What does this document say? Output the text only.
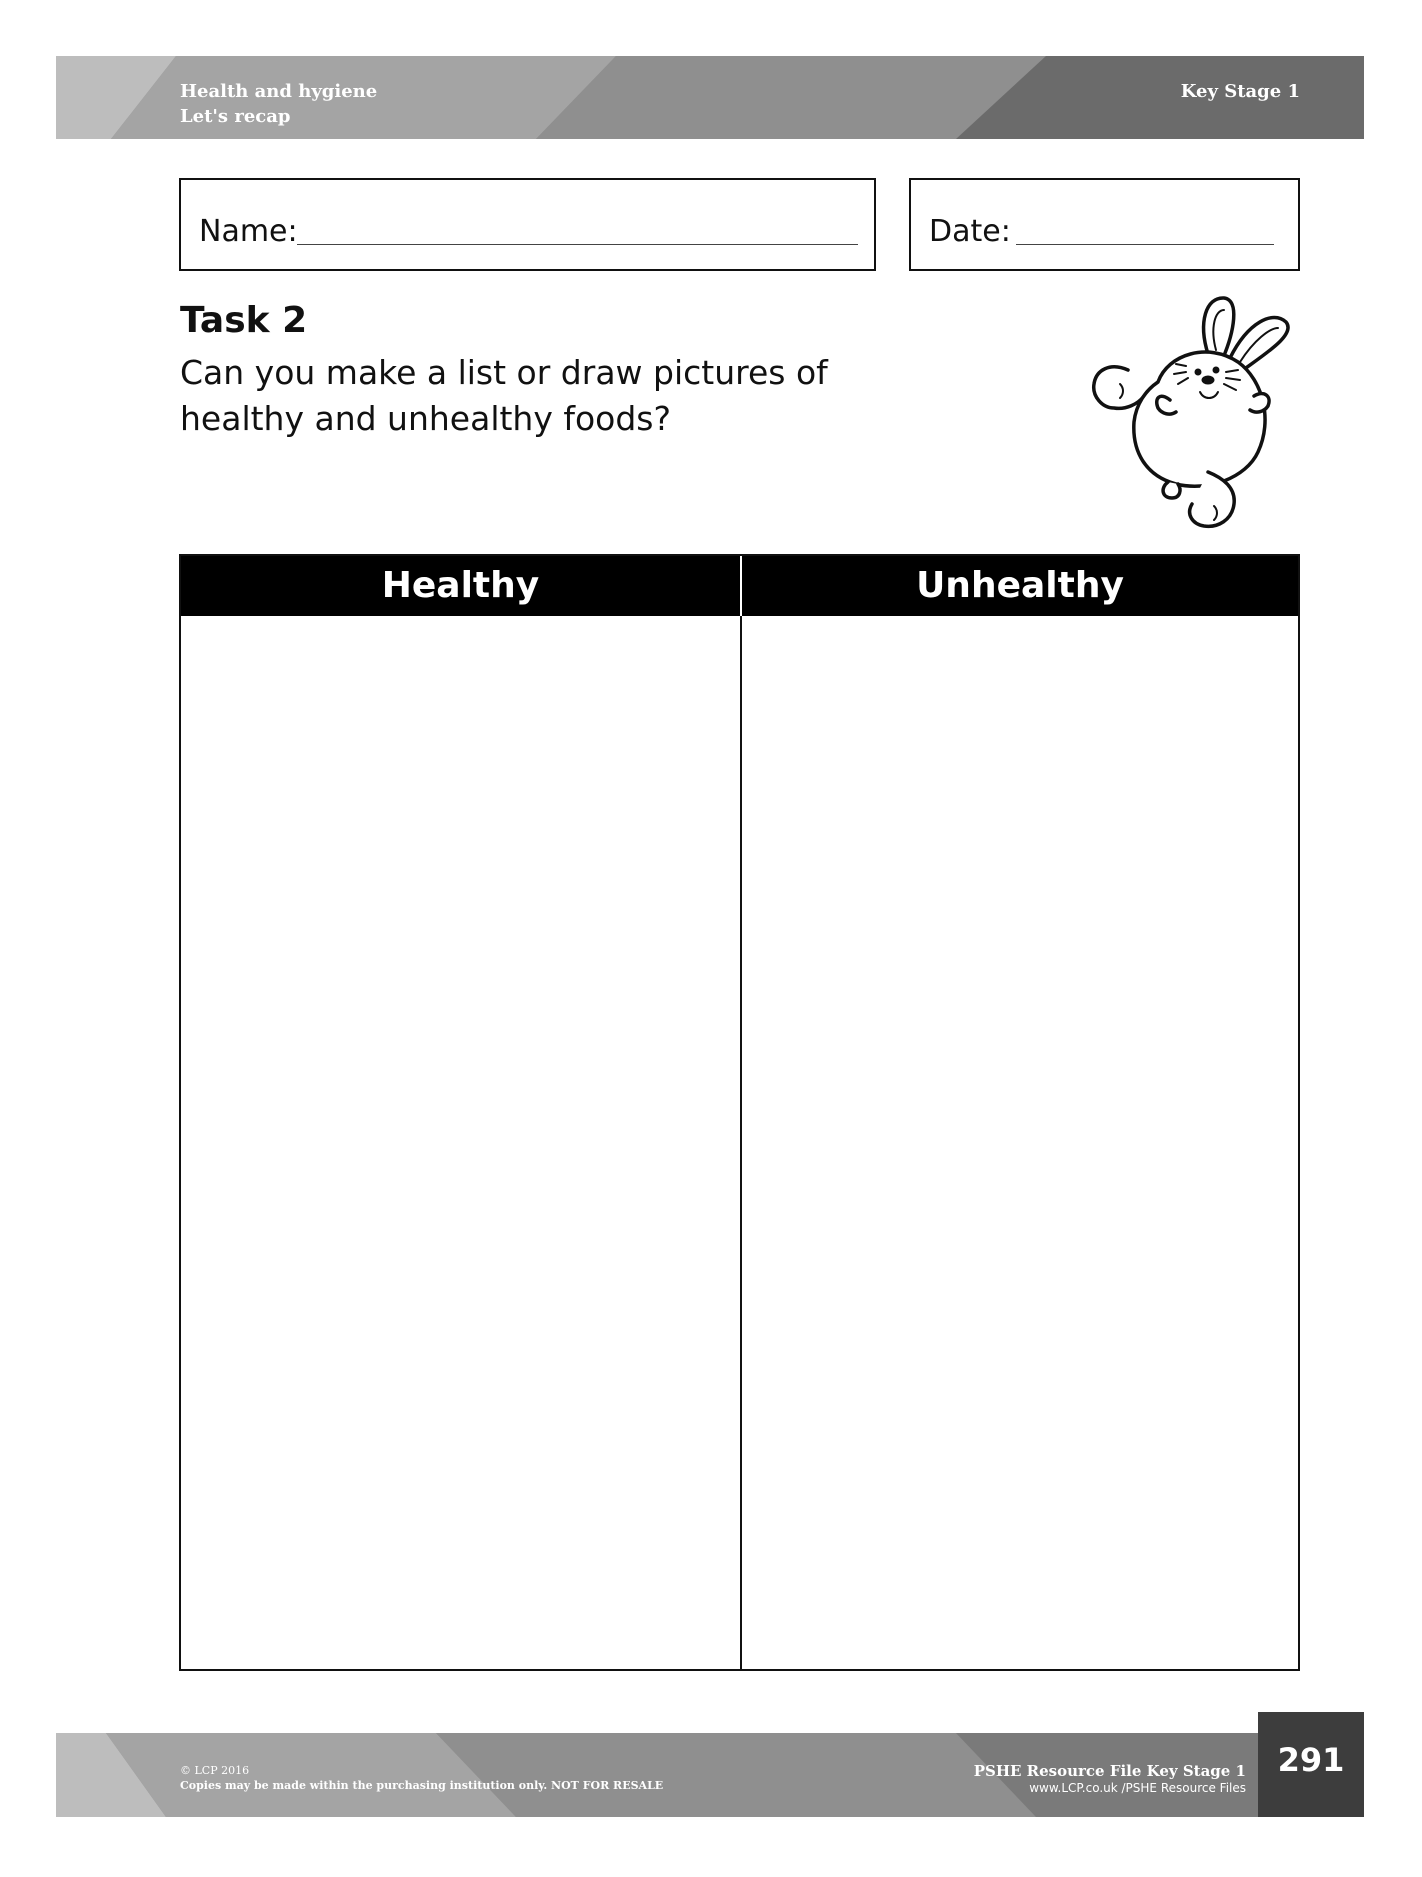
Health and hygiene
Let's recap
Key Stage 1
Name:	Date:
Task 2
Can you make a list or draw pictures of healthy and unhealthy foods?
Healthy	Unhealthy
© LCP 2016
Copies may be made within the purchasing institution only. NOT FOR RESALE
PSHE Resource File Key Stage 1
www.LCP.co.uk /PSHE Resource Files
291
